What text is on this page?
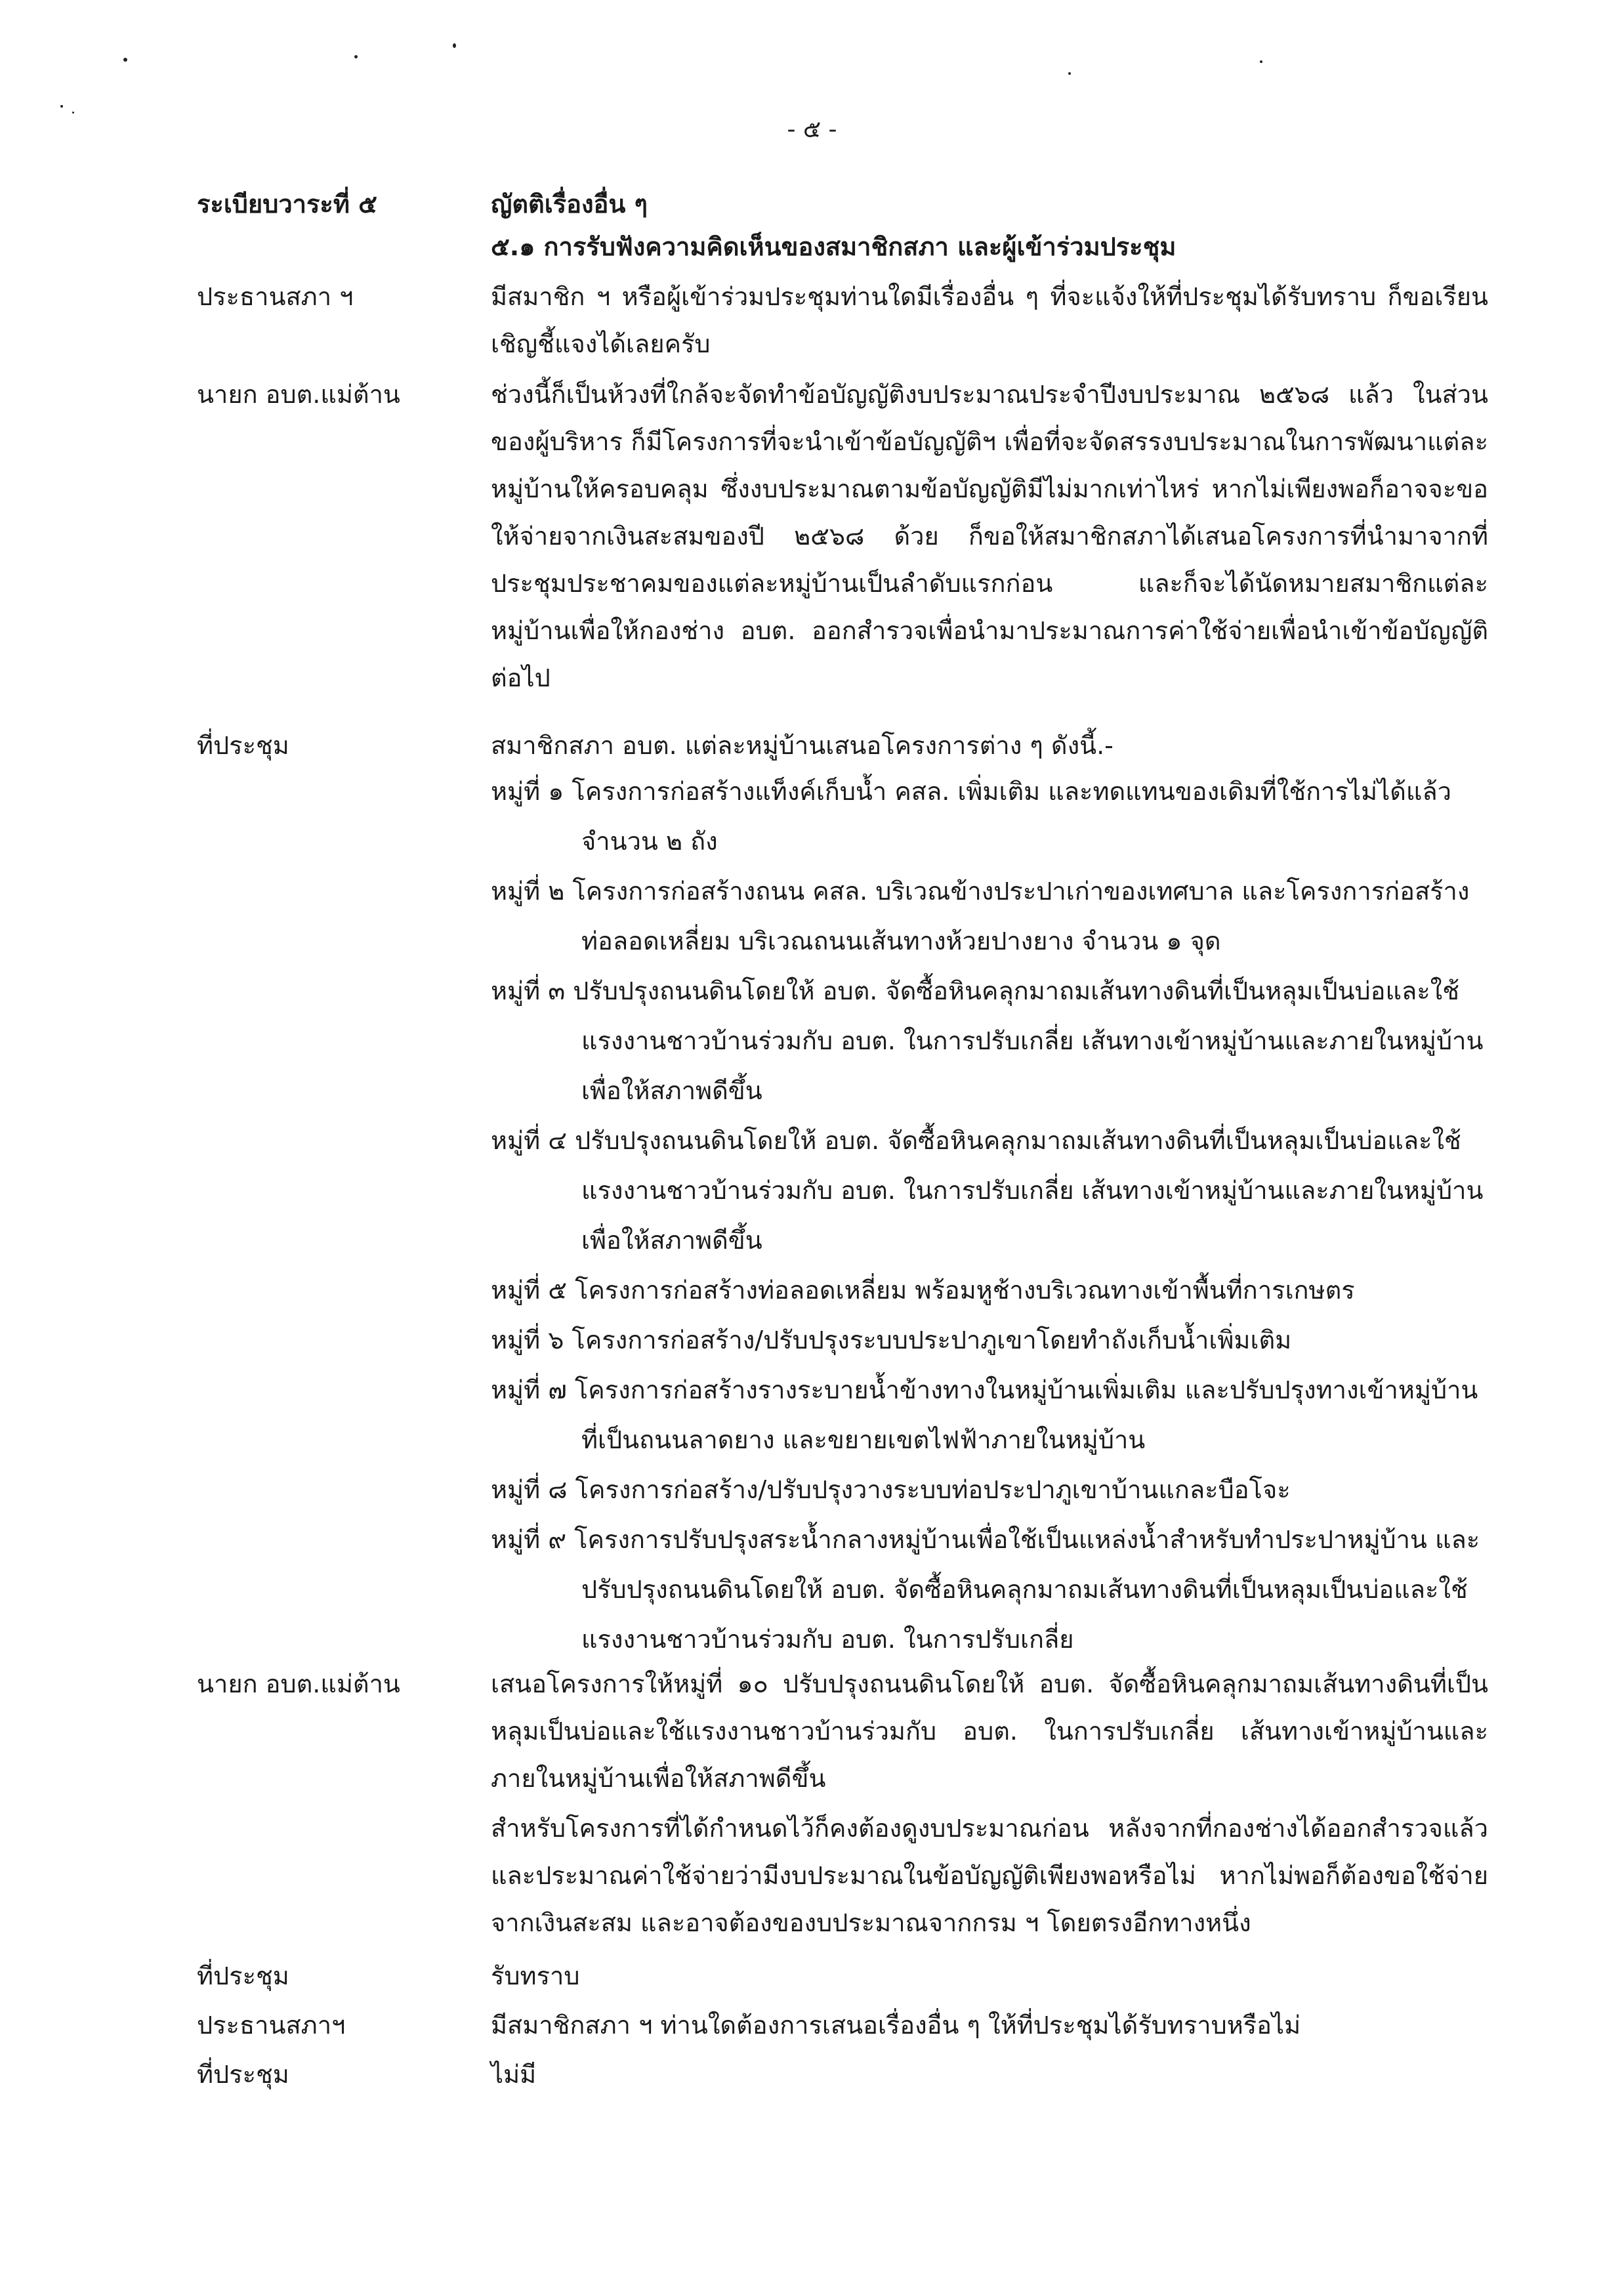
- ๕ -
ระเบียบวาระที่ ๕	ญัตติเรื่องอื่น ๆ
๕.๑ การรับฟังความคิดเห็นของสมาชิกสภา และผู้เข้าร่วมประชุม
ประธานสภา ฯ	มีสมาชิก ฯ หรือผู้เข้าร่วมประชุมท่านใดมีเรื่องอื่น ๆ ที่จะแจ้งให้ที่ประชุมได้รับทราบ ก็ขอเรียนเชิญชี้แจงได้เลยครับ
นายก อบต.แม่ต้าน	ช่วงนี้ก็เป็นห้วงที่ใกล้จะจัดทำข้อบัญญัติงบประมาณประจำปีงบประมาณ ๒๕๖๘ แล้ว ในส่วนของผู้บริหาร ก็มีโครงการที่จะนำเข้าข้อบัญญัติฯ เพื่อที่จะจัดสรรงบประมาณในการพัฒนาแต่ละหมู่บ้านให้ครอบคลุม ซึ่งงบประมาณตามข้อบัญญัติมีไม่มากเท่าไหร่ หากไม่เพียงพอก็อาจจะขอให้จ่ายจากเงินสะสมของปี ๒๕๖๘ ด้วย ก็ขอให้สมาชิกสภาได้เสนอโครงการที่นำมาจากที่ประชุมประชาคมของแต่ละหมู่บ้านเป็นลำดับแรกก่อน และก็จะได้นัดหมายสมาชิกแต่ละหมู่บ้านเพื่อให้กองช่าง อบต. ออกสำรวจเพื่อนำมาประมาณการค่าใช้จ่ายเพื่อนำเข้าข้อบัญญัติต่อไป
ที่ประชุม	สมาชิกสภา อบต. แต่ละหมู่บ้านเสนอโครงการต่าง ๆ ดังนี้.-
หมู่ที่ ๑ โครงการก่อสร้างแท็งค์เก็บน้ำ คสล. เพิ่มเติม และทดแทนของเดิมที่ใช้การไม่ได้แล้ว จำนวน ๒ ถัง
หมู่ที่ ๒ โครงการก่อสร้างถนน คสล. บริเวณข้างประปาเก่าของเทศบาล และโครงการก่อสร้างท่อลอดเหลี่ยม บริเวณถนนเส้นทางห้วยปางยาง จำนวน ๑ จุด
หมู่ที่ ๓ ปรับปรุงถนนดินโดยให้ อบต. จัดซื้อหินคลุกมาถมเส้นทางดินที่เป็นหลุมเป็นบ่อและใช้แรงงานชาวบ้านร่วมกับ อบต. ในการปรับเกลี่ย เส้นทางเข้าหมู่บ้านและภายในหมู่บ้านเพื่อให้สภาพดีขึ้น
หมู่ที่ ๔ ปรับปรุงถนนดินโดยให้ อบต. จัดซื้อหินคลุกมาถมเส้นทางดินที่เป็นหลุมเป็นบ่อและใช้แรงงานชาวบ้านร่วมกับ อบต. ในการปรับเกลี่ย เส้นทางเข้าหมู่บ้านและภายในหมู่บ้านเพื่อให้สภาพดีขึ้น
หมู่ที่ ๕ โครงการก่อสร้างท่อลอดเหลี่ยม พร้อมหูช้างบริเวณทางเข้าพื้นที่การเกษตร
หมู่ที่ ๖ โครงการก่อสร้าง/ปรับปรุงระบบประปาภูเขาโดยทำถังเก็บน้ำเพิ่มเติม
หมู่ที่ ๗ โครงการก่อสร้างรางระบายน้ำข้างทางในหมู่บ้านเพิ่มเติม และปรับปรุงทางเข้าหมู่บ้านที่เป็นถนนลาดยาง และขยายเขตไฟฟ้าภายในหมู่บ้าน
หมู่ที่ ๘ โครงการก่อสร้าง/ปรับปรุงวางระบบท่อประปาภูเขาบ้านแกละบือโจะ
หมู่ที่ ๙ โครงการปรับปรุงสระน้ำกลางหมู่บ้านเพื่อใช้เป็นแหล่งน้ำสำหรับทำประปาหมู่บ้าน และปรับปรุงถนนดินโดยให้ อบต. จัดซื้อหินคลุกมาถมเส้นทางดินที่เป็นหลุมเป็นบ่อและใช้แรงงานชาวบ้านร่วมกับ อบต. ในการปรับเกลี่ย
นายก อบต.แม่ต้าน	เสนอโครงการให้หมู่ที่ ๑๐ ปรับปรุงถนนดินโดยให้ อบต. จัดซื้อหินคลุกมาถมเส้นทางดินที่เป็นหลุมเป็นบ่อและใช้แรงงานชาวบ้านร่วมกับ อบต. ในการปรับเกลี่ย เส้นทางเข้าหมู่บ้านและภายในหมู่บ้านเพื่อให้สภาพดีขึ้น
สำหรับโครงการที่ได้กำหนดไว้ก็คงต้องดูงบประมาณก่อน หลังจากที่กองช่างได้ออกสำรวจแล้ว และประมาณค่าใช้จ่ายว่ามีงบประมาณในข้อบัญญัติเพียงพอหรือไม่ หากไม่พอก็ต้องขอใช้จ่ายจากเงินสะสม และอาจต้องของบประมาณจากกรม ฯ โดยตรงอีกทางหนึ่ง
ที่ประชุม	รับทราบ
ประธานสภาฯ	มีสมาชิกสภา ฯ ท่านใดต้องการเสนอเรื่องอื่น ๆ ให้ที่ประชุมได้รับทราบหรือไม่
ที่ประชุม	ไม่มี
